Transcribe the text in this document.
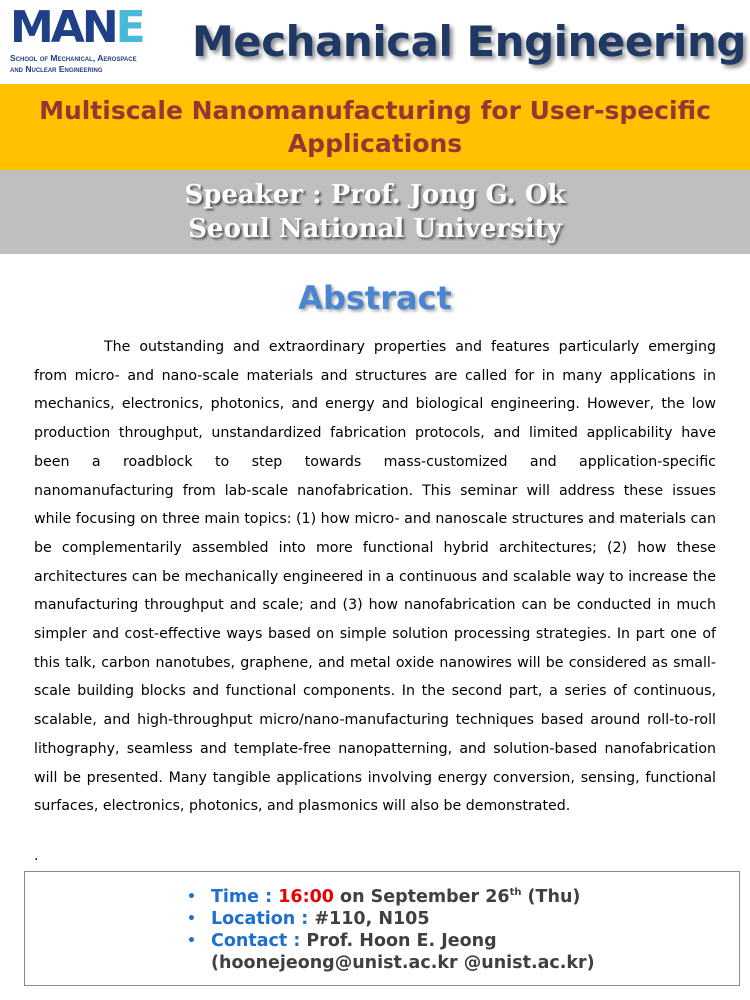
MANE
School of Mechanical, Aerospace
and Nuclear Engineering
Mechanical Engineering
Multiscale Nanomanufacturing for User-specific
Applications
Speaker : Prof. Jong G. Ok
Seoul National University
Abstract

The outstanding and extraordinary properties and features particularly emerging from micro- and nano-scale materials and structures are called for in many applications in mechanics, electronics, photonics, and energy and biological engineering. However, the low production throughput, unstandardized fabrication protocols, and limited applicability have been a roadblock to step towards mass-customized and application-specific nanomanufacturing from lab-scale nanofabrication. This seminar will address these issues while focusing on three main topics: (1) how micro- and nanoscale structures and materials can be complementarily assembled into more functional hybrid architectures; (2) how these architectures can be mechanically engineered in a continuous and scalable way to increase the manufacturing throughput and scale; and (3) how nanofabrication can be conducted in much simpler and cost-effective ways based on simple solution processing strategies. In part one of this talk, carbon nanotubes, graphene, and metal oxide nanowires will be considered as small-scale building blocks and functional components. In the second part, a series of continuous, scalable, and high-throughput micro/nano-manufacturing techniques based around roll-to-roll lithography, seamless and template-free nanopatterning, and solution-based nanofabrication will be presented. Many tangible applications involving energy conversion, sensing, functional surfaces, electronics, photonics, and plasmonics will also be demonstrated.

.
• Time : 16:00 on September 26th (Thu)
• Location : #110, N105
• Contact : Prof. Hoon E. Jeong
(hoonejeong@unist.ac.kr @unist.ac.kr)
